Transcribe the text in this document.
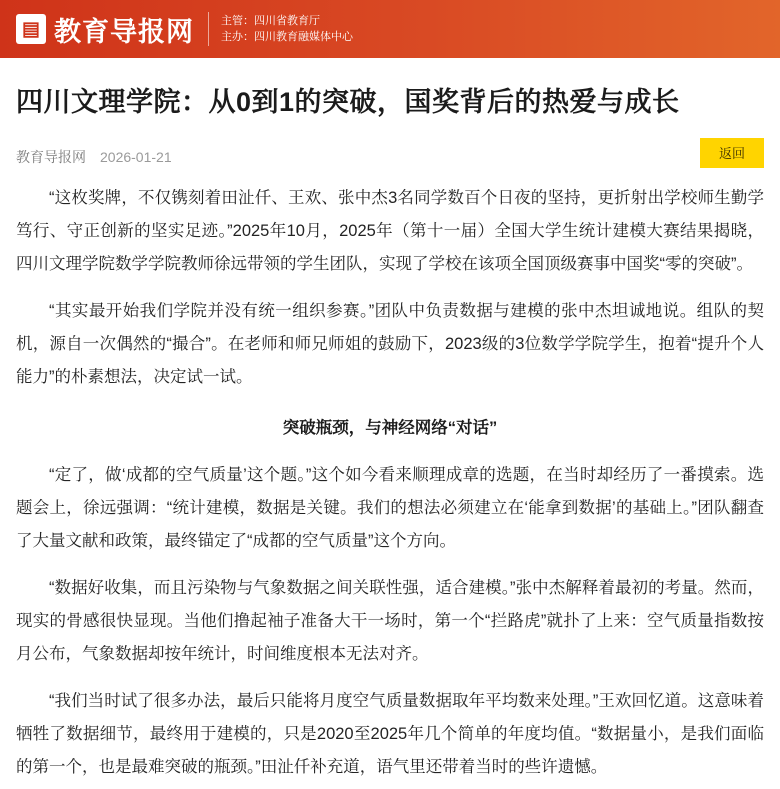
▤ 教育导报网 主管：四川省教育厅
主办：四川教育融媒体中心
四川文理学院：从0到1的突破，国奖背后的热爱与成长
教育导报网 2026-01-21	返回

“这枚奖牌，不仅镌刻着田沚仟、王欢、张中杰3名同学数百个日夜的坚持，更折射出学校师生勤学笃行、守正创新的坚实足迹。”2025年10月，2025年（第十一届）全国大学生统计建模大赛结果揭晓，四川文理学院数学学院教师徐远带领的学生团队，实现了学校在该项全国顶级赛事中国奖“零的突破”。

“其实最开始我们学院并没有统一组织参赛。”团队中负责数据与建模的张中杰坦诚地说。组队的契机，源自一次偶然的“撮合”。在老师和师兄师姐的鼓励下，2023级的3位数学学院学生，抱着“提升个人能力”的朴素想法，决定试一试。

突破瓶颈，与神经网络“对话”

“定了，做‘成都的空气质量’这个题。”这个如今看来顺理成章的选题，在当时却经历了一番摸索。选题会上，徐远强调：“统计建模，数据是关键。我们的想法必须建立在‘能拿到数据’的基础上。”团队翻查了大量文献和政策，最终锚定了“成都的空气质量”这个方向。

“数据好收集，而且污染物与气象数据之间关联性强，适合建模。”张中杰解释着最初的考量。然而，现实的骨感很快显现。当他们撸起袖子准备大干一场时，第一个“拦路虎”就扑了上来：空气质量指数按月公布，气象数据却按年统计，时间维度根本无法对齐。

“我们当时试了很多办法，最后只能将月度空气质量数据取年平均数来处理。”王欢回忆道。这意味着牺牲了数据细节，最终用于建模的，只是2020至2025年几个简单的年度均值。“数据量小，是我们面临的第一个，也是最难突破的瓶颈。”田沚仟补充道，语气里还带着当时的些许遗憾。
